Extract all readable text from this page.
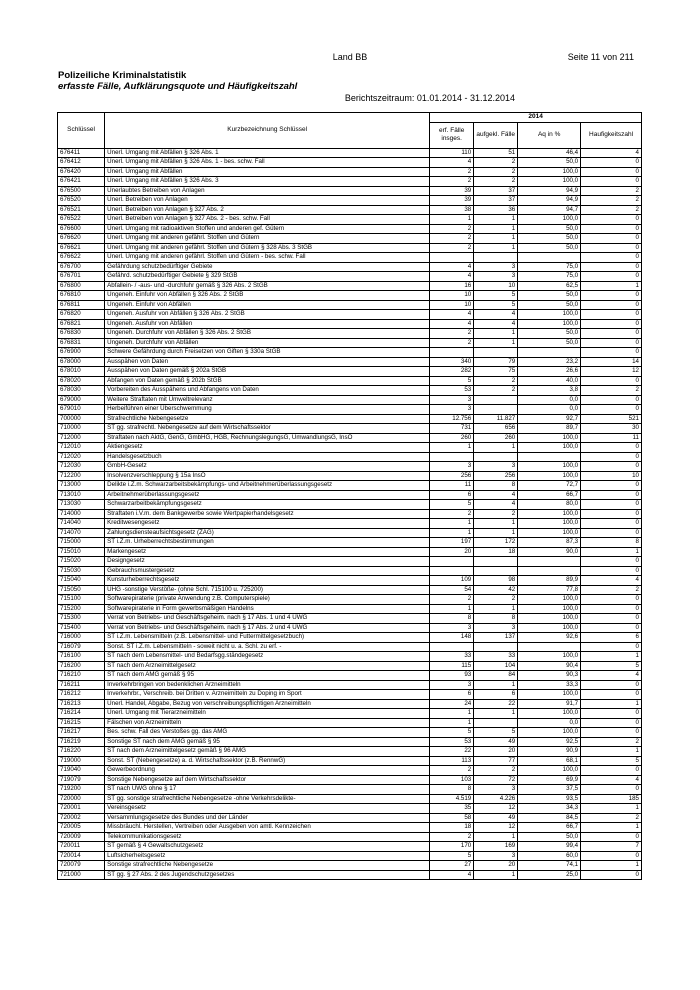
Land BB	Seite 11 von 211
Polizeiliche Kriminalstatistik
erfasste Fälle, Aufklärungsquote und Häufigkeitszahl
Berichtszeitraum: 01.01.2014 - 31.12.2014
Schlüssel	Kurzbezeichnung Schlüssel	2014			
		erf. Fälle insges.	aufgekl. Fälle	Aq in %	Haufigkeitszahl
676411	Unerl. Umgang mit Abfällen § 326 Abs. 1	110	51	46,4	4
676412	Unerl. Umgang mit Abfällen § 326 Abs. 1 - bes. schw. Fall	4	2	50,0	0
676420	Unerl. Umgang mit Abfällen	2	2	100,0	0
676421	Unerl. Umgang mit Abfällen § 326 Abs. 3	2	2	100,0	0
676500	Unerlaubtes Betreiben von Anlagen	39	37	94,9	2
676520	Unerl. Betreiben von Anlagen	39	37	94,9	2
676521	Unerl. Betreiben von Anlagen § 327 Abs. 2	38	36	94,7	2
676522	Unerl. Betreiben von Anlagen § 327 Abs. 2 - bes. schw. Fall	1	1	100,0	0
676600	Unerl. Umgang mit radioaktiven Stoffen und anderen gef. Gütern	2	1	50,0	0
676620	Unerl. Umgang mit anderen gefährl. Stoffen und Gütern	2	1	50,0	0
676621	Unerl. Umgang mit anderen gefährl. Stoffen und Gütern § 328 Abs. 3 StGB	2	1	50,0	0
676622	Unerl. Umgang mit anderen gefährl. Stoffen und Gütern - bes. schw. Fall				0
676700	Gefährdung schutzbedürftiger Gebiete	4	3	75,0	0
676701	Gefährd. schutzbedürftiger Gebiete § 329 StGB	4	3	75,0	0
676800	Abfallein- / -aus- und -durchfuhr gemäß § 326 Abs. 2 StGB	16	10	62,5	1
676810	Ungeneh. Einfuhr von Abfällen § 326 Abs. 2 StGB	10	5	50,0	0
676811	Ungeneh. Einfuhr von Abfällen	10	5	50,0	0
676820	Ungeneh. Ausfuhr von Abfällen § 326 Abs. 2 StGB	4	4	100,0	0
676821	Ungeneh. Ausfuhr von Abfällen	4	4	100,0	0
676830	Ungeneh. Durchfuhr von Abfällen § 326 Abs. 2 StGB	2	1	50,0	0
676831	Ungeneh. Durchfuhr von Abfällen	2	1	50,0	0
676900	Schwere Gefährdung durch Freisetzen von Giften § 330a StGB				0
678000	Ausspähen von Daten	340	79	23,2	14
678010	Ausspähen von Daten gemäß § 202a StGB	282	75	26,6	12
678020	Abfangen von Daten gemäß § 202b StGB	5	2	40,0	0
678030	Vorbereiten des Ausspähens und Abfangens von Daten	53	2	3,8	2
679000	Weitere Straftaten mit Umweltrelevanz	3		0,0	0
679010	Herbeiführen einer Überschwemmung	3		0,0	0
700000	Strafrechtliche Nebengesetze	12.756	11.827	92,7	521
710000	ST gg. strafrechtl. Nebengesetze auf dem Wirtschaftssektor	731	656	89,7	30
712000	Straftaten nach AktG, GenG, GmbHG, HGB, RechnungslegungsG, UmwandlungsG, InsO	260	260	100,0	11
712010	Aktiengesetz	1	1	100,0	0
712020	Handelsgesetzbuch				0
712030	GmbH-Gesetz	3	3	100,0	0
712200	Insolvenzverschleppung § 15a InsO	256	256	100,0	10
713000	Delikte i.Z.m. Schwarzarbeitsbekämpfungs- und Arbeitnehmerüberlassungsgesetz	11	8	72,7	0
713010	Arbeitnehmerüberlassungsgesetz	6	4	66,7	0
713030	Schwarzarbeitbekämpfungsgesetz	5	4	80,0	0
714000	Straftaten i.V.m. dem Bankgewerbe sowie Wertpapierhandelsgesetz	2	2	100,0	0
714040	Kreditwesengesetz	1	1	100,0	0
714070	Zahlungsdiensteaufsichtsgesetz (ZAG)	1	1	100,0	0
715000	ST i.Z.m. Urheberrechtsbestimmungen	197	172	87,3	8
715010	Markengesetz	20	18	90,0	1
715020	Designgesetz				0
715030	Gebrauchsmustergesetz				0
715040	Kunsturheberrechtsgesetz	109	98	89,9	4
715050	UHG -sonstige Verstöße- (ohne Schl. 715100 u. 725200)	54	42	77,8	2
715100	Softwarepiraterie (private Anwendung z.B. Computerspiele)	2	2	100,0	0
715200	Softwarepiraterie in Form gewerbsmäßigen Handelns	1	1	100,0	0
715300	Verrat von Betriebs- und Geschäftsgeheim. nach § 17 Abs. 1 und 4 UWG	8	8	100,0	0
715400	Verrat von Betriebs- und Geschäftsgeheim. nach § 17 Abs. 2 und 4 UWG	3	3	100,0	0
716000	ST i.Z.m. Lebensmitteln (z.B. Lebensmittel- und Futtermittelgesetzbuch)	148	137	92,6	6
716079	Sonst. ST i.Z.m. Lebensmitteln - soweit nicht u. a. Schl. zu erf. -				0
716100	ST nach dem Lebensmittel- und Bedarfsgg.ständegesetz	33	33	100,0	1
716200	ST nach dem Arzneimittelgesetz	115	104	90,4	5
716210	ST nach dem AMG gemäß § 95	93	84	90,3	4
716211	Inverkehrbringen von bedenklichen Arzneimitteln	3	1	33,3	0
716212	Inverkehrbr., Verschreib. bei Dritten v. Arzneimitteln zu Doping im Sport	6	6	100,0	0
716213	Unerl. Handel, Abgabe, Bezug von verschreibungspflichtigen Arzneimitteln	24	22	91,7	1
716214	Unerl. Umgang mit Tierarzneimitteln	1	1	100,0	0
716215	Fälschen von Arzneimitteln	1		0,0	0
716217	Bes. schw. Fall des Verstoßes gg. das AMG	5	5	100,0	0
716219	Sonstige ST nach dem AMG gemäß § 95	53	49	92,5	2
716220	ST nach dem Arzneimittelgesetz gemäß § 96 AMG	22	20	90,9	1
719000	Sonst. ST (Nebengesetze) a. d. Wirtschaftssektor (z.B. RennwG)	113	77	68,1	5
719040	Gewerbeordnung	2	2	100,0	0
719079	Sonstige Nebengesetze auf dem Wirtschaftssektor	103	72	69,9	4
719200	ST nach UWG ohne § 17	8	3	37,5	0
720000	ST gg. sonstige strafrechtliche Nebengesetze -ohne Verkehrsdelikte-	4.519	4.226	93,5	185
720001	Vereinsgesetz	35	12	34,3	1
720002	Versammlungsgesetze des Bundes und der Länder	58	49	84,5	2
720005	Missbräuchl. Herstellen, Vertreiben oder Ausgeben von amtl. Kennzeichen	18	12	66,7	1
720009	Telekommunikationsgesetz	2	1	50,0	0
720011	ST gemäß § 4 Gewaltschutzgesetz	170	169	99,4	7
720014	Luftsicherheitsgesetz	5	3	60,0	0
720079	Sonstige strafrechtliche Nebengesetze	27	20	74,1	1
721000	ST gg. § 27 Abs. 2 des Jugendschutzgesetzes	4	1	25,0	0
